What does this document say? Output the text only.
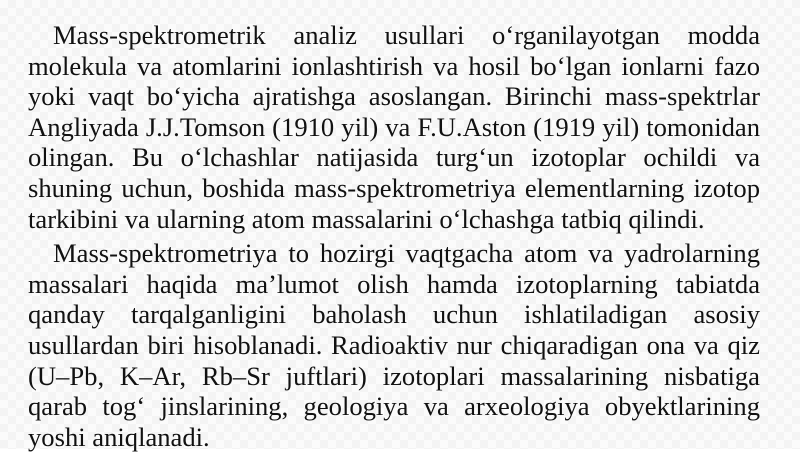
Mass-spektrometrik analiz usullari o‘rganilayotgan modda molekula va atomlarini ionlashtirish va hosil bo‘lgan ionlarni fazo yoki vaqt bo‘yicha ajratishga asoslangan. Birinchi mass-spektrlar Angliyada J.J.Tomson (1910 yil) va F.U.Aston (1919 yil) tomonidan olingan. Bu o‘lchashlar natijasida turg‘un izotoplar ochildi va shuning uchun, boshida mass-spektrometriya elementlarning izotop tarkibini va ularning atom massalarini o‘lchashga tatbiq qilindi.

Mass-spektrometriya to hozirgi vaqtgacha atom va yadrolarning massalari haqida ma’lumot olish hamda izotoplarning tabiatda qanday tarqalganligini baholash uchun ishlatiladigan asosiy usullardan biri hisoblanadi. Radioaktiv nur chiqaradigan ona va qiz (U–Pb, K–Ar, Rb–Sr juftlari) izotoplari massalarining nisbatiga qarab tog‘ jinslarining, geologiya va arxeologiya obyektlarining yoshi aniqlanadi.
